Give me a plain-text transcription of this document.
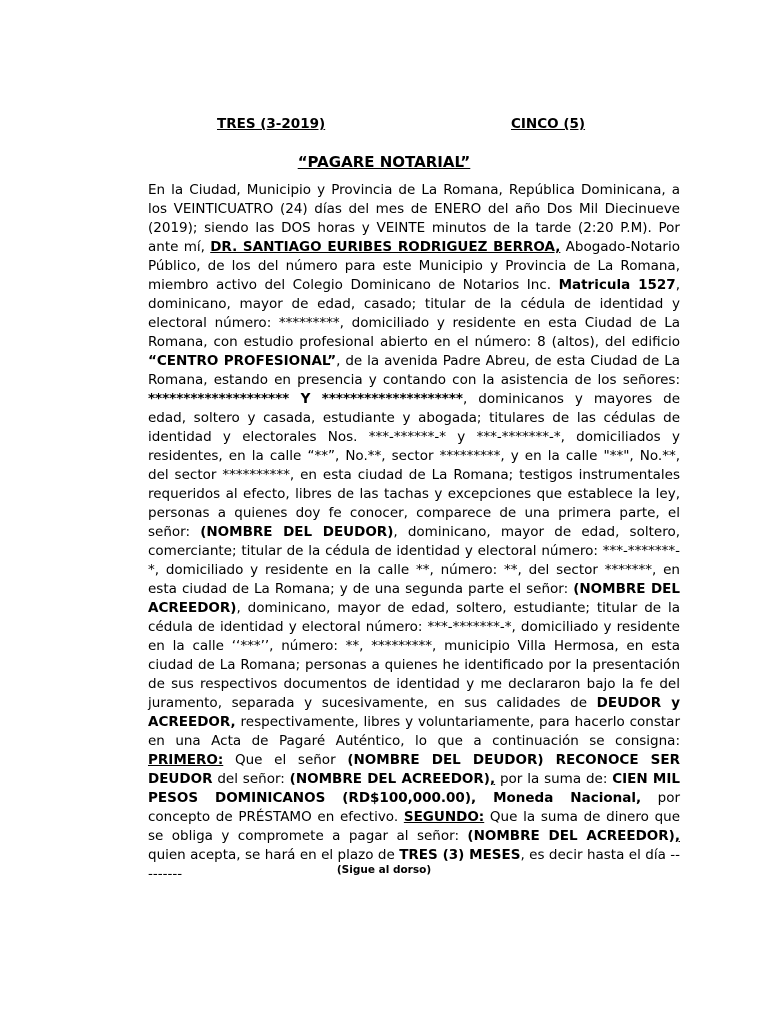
TRES (3-2019)	CINCO (5)
“PAGARE NOTARIAL”

En la Ciudad, Municipio y Provincia de La Romana, República Dominicana, a los VEINTICUATRO (24) días del mes de ENERO del año Dos Mil Diecinueve (2019); siendo las DOS horas y VEINTE minutos de la tarde (2:20 P.M). Por ante mí, DR. SANTIAGO EURIBES RODRIGUEZ BERROA, Abogado-Notario Público, de los del número para este Municipio y Provincia de La Romana, miembro activo del Colegio Dominicano de Notarios Inc. Matricula 1527, dominicano, mayor de edad, casado; titular de la cédula de identidad y electoral número: *********, domiciliado y residente en esta Ciudad de La Romana, con estudio profesional abierto en el número: 8 (altos), del edificio “CENTRO PROFESIONAL”, de la avenida Padre Abreu, de esta Ciudad de La Romana, estando en presencia y contando con la asistencia de los señores: ******************** Y ********************, dominicanos y mayores de edad, soltero y casada, estudiante y abogada; titulares de las cédulas de identidad y electorales Nos. ***-******-* y ***-*******-*, domiciliados y residentes, en la calle “**”, No.**, sector *********, y en la calle "**", No.**, del sector **********, en esta ciudad de La Romana; testigos instrumentales requeridos al efecto, libres de las tachas y excepciones que establece la ley, personas a quienes doy fe conocer, comparece de una primera parte, el señor: (NOMBRE DEL DEUDOR), dominicano, mayor de edad, soltero, comerciante; titular de la cédula de identidad y electoral número: ***-*******-*, domiciliado y residente en la calle **, número: **, del sector *******, en esta ciudad de La Romana; y de una segunda parte el señor: (NOMBRE DEL ACREEDOR), dominicano, mayor de edad, soltero, estudiante; titular de la cédula de identidad y electoral número: ***-*******-*, domiciliado y residente en la calle ‘‘***’’, número: **, *********, municipio Villa Hermosa, en esta ciudad de La Romana; personas a quienes he identificado por la presentación de sus respectivos documentos de identidad y me declararon bajo la fe del juramento, separada y sucesivamente, en sus calidades de DEUDOR y ACREEDOR, respectivamente, libres y voluntariamente, para hacerlo constar en una Acta de Pagaré Auténtico, lo que a continuación se consigna: PRIMERO: Que el señor (NOMBRE DEL DEUDOR) RECONOCE SER DEUDOR del señor: (NOMBRE DEL ACREEDOR), por la suma de: CIEN MIL PESOS DOMINICANOS (RD$100,000.00), Moneda Nacional, por concepto de PRÉSTAMO en efectivo. SEGUNDO: Que la suma de dinero que se obliga y compromete a pagar al señor: (NOMBRE DEL ACREEDOR), quien acepta, se hará en el plazo de TRES (3) MESES, es decir hasta el día ---------	(Sigue al dorso)
